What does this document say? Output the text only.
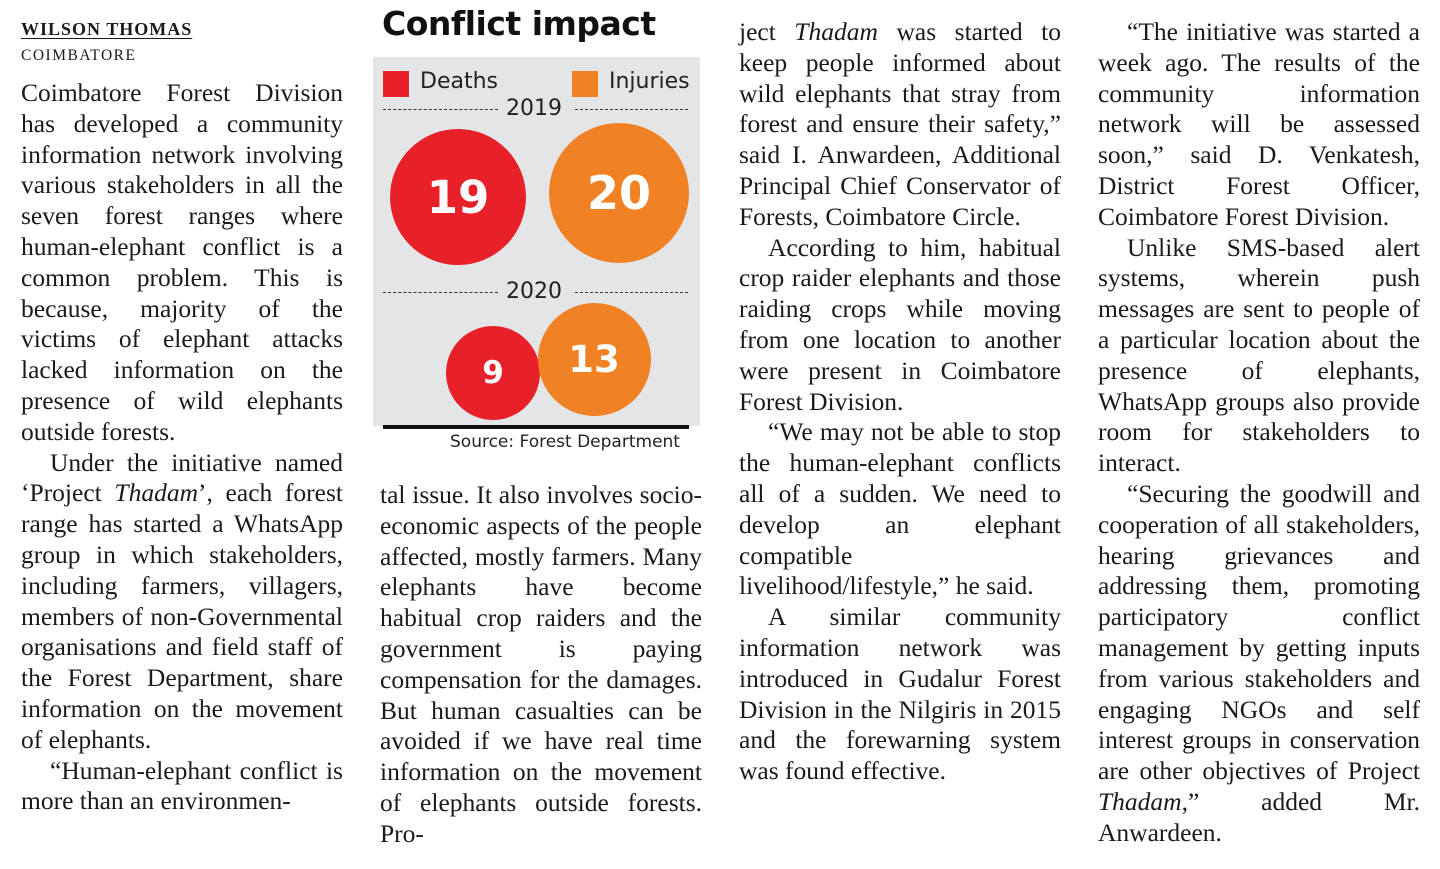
WILSON THOMAS
COIMBATORE

Coimbatore Forest Division has developed a community information network involving various stakeholders in all the seven forest ranges where human-elephant conflict is a common problem. This is because, majority of the victims of elephant attacks lacked information on the presence of wild elephants outside forests.

Under the initiative named ‘Project Thadam’, each forest range has started a WhatsApp group in which stakeholders, including farmers, villagers, members of non-Governmental organisations and field staff of the Forest Department, share information on the movement of elephants.

“Human-elephant conflict is more than an environmen-

Conflict impact
Deaths	Injuries
2019
19 20
2020
9 13
Source: Forest Department

tal issue. It also involves socio-economic aspects of the people affected, mostly farmers. Many elephants have become habitual crop raiders and the government is paying compensation for the damages. But human casualties can be avoided if we have real time information on the movement of elephants outside forests. Pro-

ject Thadam was started to keep people informed about wild elephants that stray from forest and ensure their safety,” said I. Anwardeen, Additional Principal Chief Conservator of Forests, Coimbatore Circle.

According to him, habitual crop raider elephants and those raiding crops while moving from one location to another were present in Coimbatore Forest Division.

“We may not be able to stop the human-elephant conflicts all of a sudden. We need to develop an elephant compatible livelihood/lifestyle,” he said.

A similar community information network was introduced in Gudalur Forest Division in the Nilgiris in 2015 and the forewarning system was found effective.

“The initiative was started a week ago. The results of the community information network will be assessed soon,” said D. Venkatesh, District Forest Officer, Coimbatore Forest Division.

Unlike SMS-based alert systems, wherein push messages are sent to people of a particular location about the presence of elephants, WhatsApp groups also provide room for stakeholders to interact.

“Securing the goodwill and cooperation of all stakeholders, hearing grievances and addressing them, promoting participatory conflict management by getting inputs from various stakeholders and engaging NGOs and self interest groups in conservation are other objectives of Project Thadam,” added Mr. Anwardeen.
